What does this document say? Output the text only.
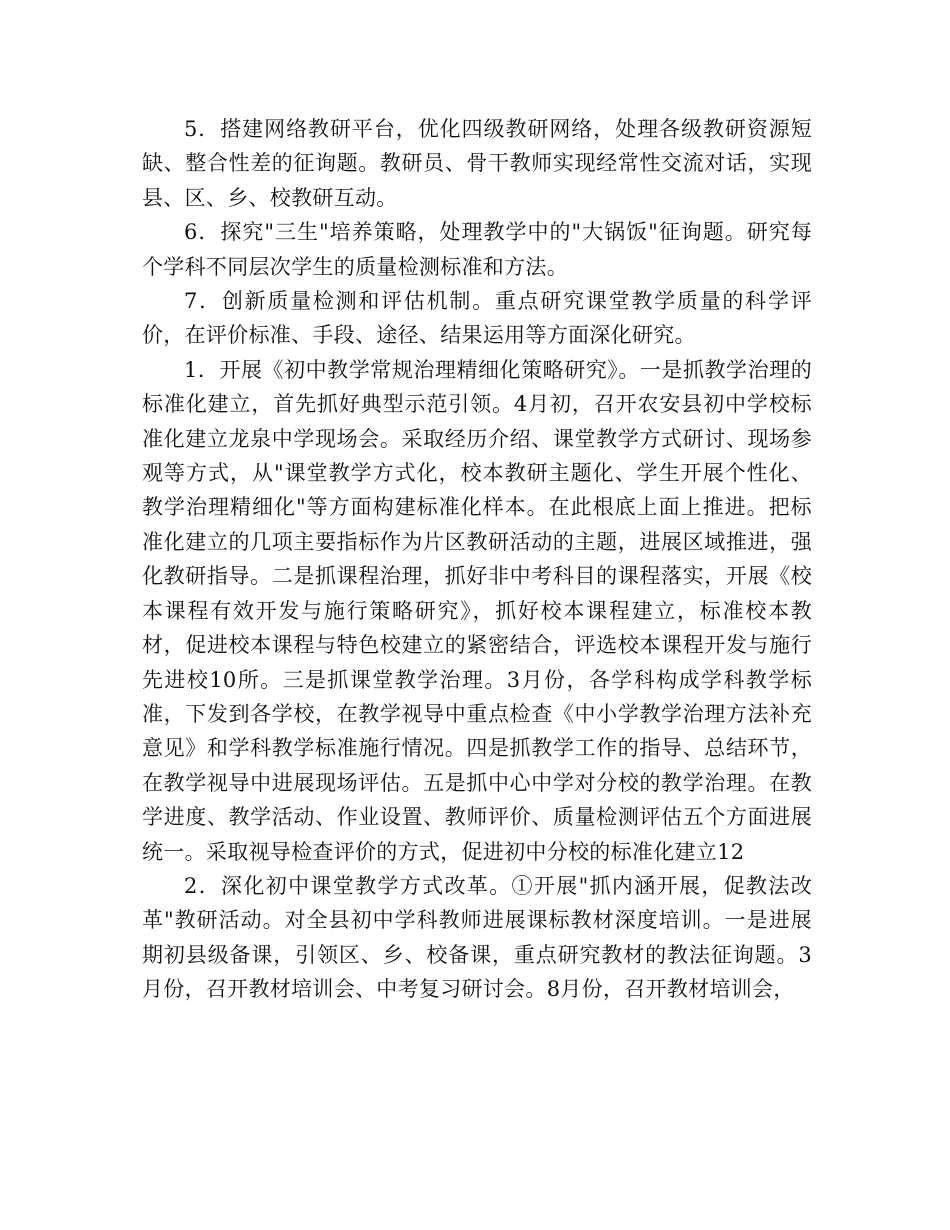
5．搭建网络教研平台，优化四级教研网络，处理各级教研资源短缺、整合性差的征询题。教研员、骨干教师实现经常性交流对话，实现县、区、乡、校教研互动。

6．探究"三生"培养策略，处理教学中的"大锅饭"征询题。研究每个学科不同层次学生的质量检测标准和方法。

7．创新质量检测和评估机制。重点研究课堂教学质量的科学评价，在评价标准、手段、途径、结果运用等方面深化研究。

1．开展《初中教学常规治理精细化策略研究》。一是抓教学治理的标准化建立，首先抓好典型示范引领。4月初，召开农安县初中学校标准化建立龙泉中学现场会。采取经历介绍、课堂教学方式研讨、现场参观等方式，从"课堂教学方式化，校本教研主题化、学生开展个性化、教学治理精细化"等方面构建标准化样本。在此根底上面上推进。把标准化建立的几项主要指标作为片区教研活动的主题，进展区域推进，强化教研指导。二是抓课程治理，抓好非中考科目的课程落实，开展《校本课程有效开发与施行策略研究》，抓好校本课程建立，标准校本教材，促进校本课程与特色校建立的紧密结合，评选校本课程开发与施行先进校10所。三是抓课堂教学治理。3月份，各学科构成学科教学标准，下发到各学校，在教学视导中重点检查《中小学教学治理方法补充意见》和学科教学标准施行情况。四是抓教学工作的指导、总结环节，在教学视导中进展现场评估。五是抓中心中学对分校的教学治理。在教学进度、教学活动、作业设置、教师评价、质量检测评估五个方面进展统一。采取视导检查评价的方式，促进初中分校的标准化建立12

2．深化初中课堂教学方式改革。①开展"抓内涵开展，促教法改革"教研活动。对全县初中学科教师进展课标教材深度培训。一是进展期初县级备课，引领区、乡、校备课，重点研究教材的教法征询题。3月份，召开教材培训会、中考复习研讨会。8月份，召开教材培训会，
